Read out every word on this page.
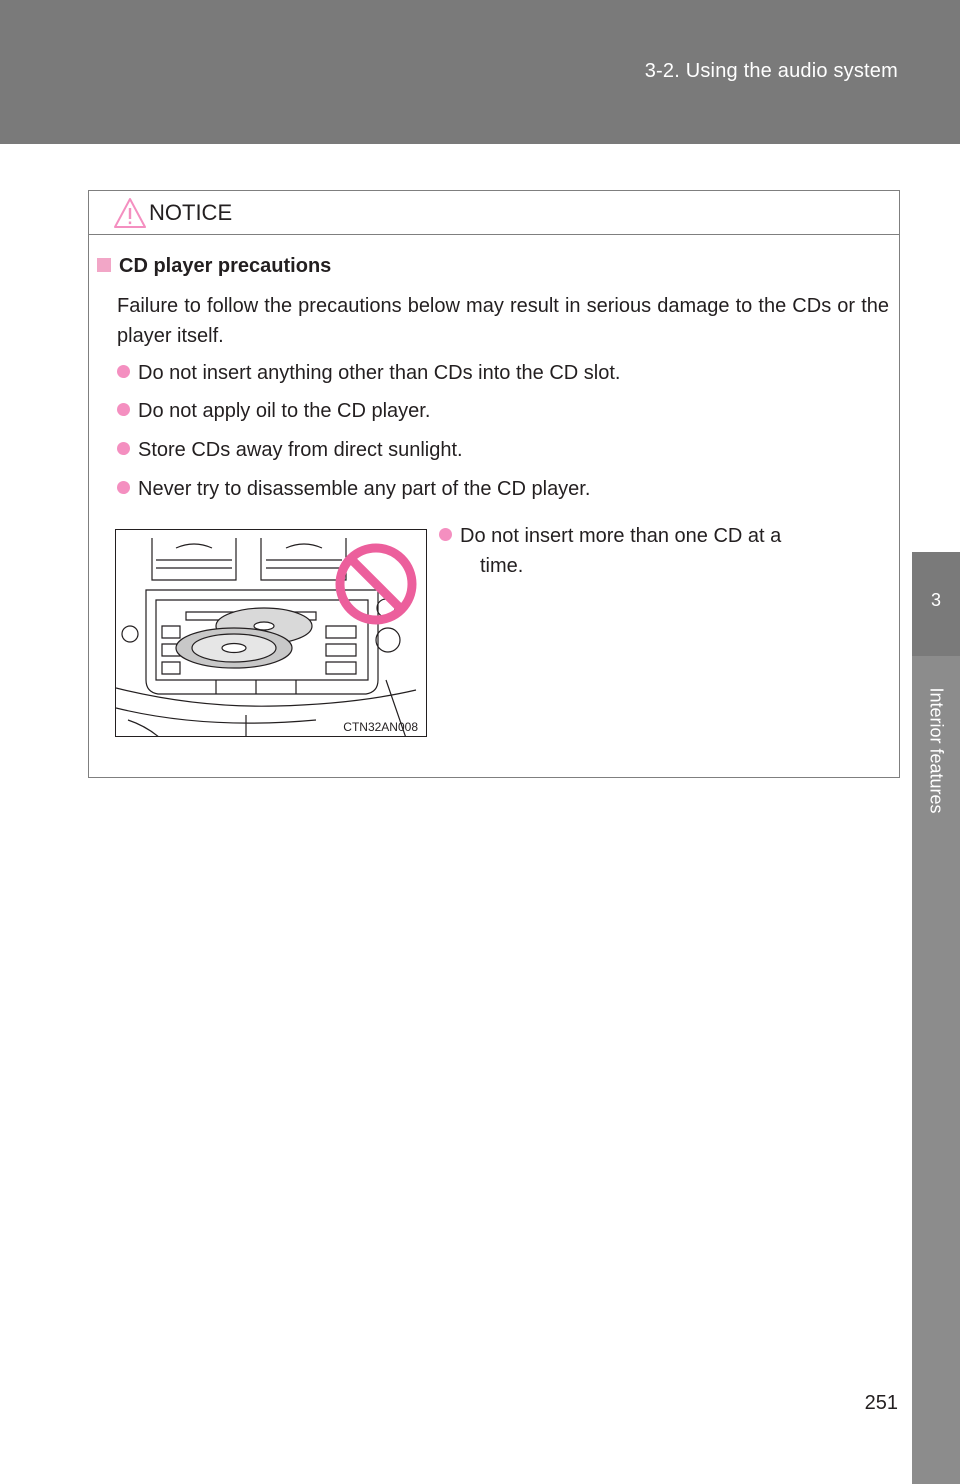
3-2. Using the audio system
3
Interior features
NOTICE
CD player precautions
Failure to follow the precautions below may result in serious damage to the CDs or the player itself.
Do not insert anything other than CDs into the CD slot.
Do not apply oil to the CD player.
Store CDs away from direct sunlight.
Never try to disassemble any part of the CD player.
CTN32AN008
Do not insert more than one CD at a
time.
251
